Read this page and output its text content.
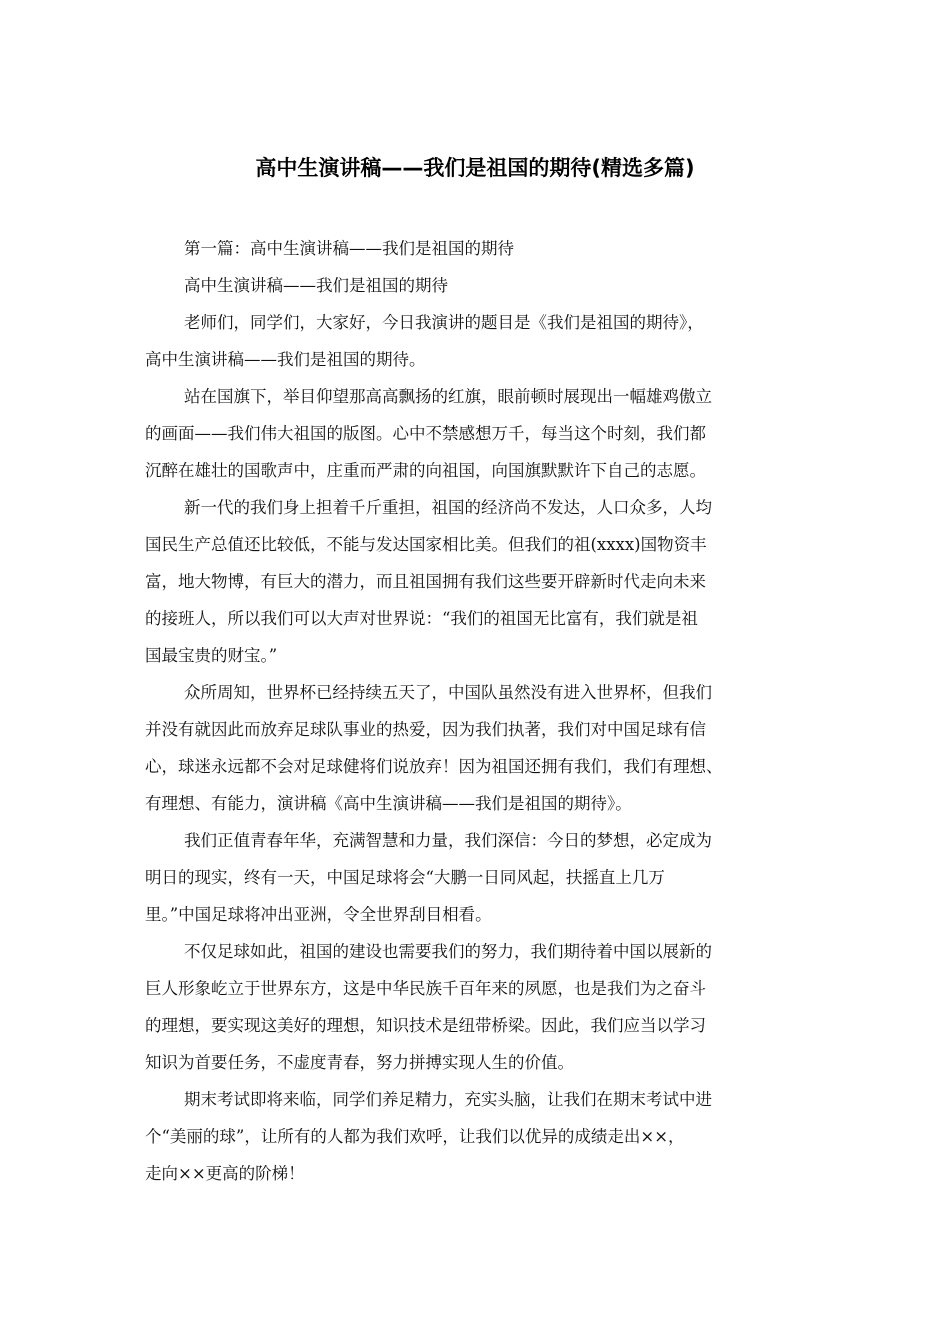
高中生演讲稿——我们是祖国的期待(精选多篇)

第一篇：高中生演讲稿——我们是祖国的期待

高中生演讲稿——我们是祖国的期待

老师们，同学们，大家好，今日我演讲的题目是《我们是祖国的期待》，

高中生演讲稿——我们是祖国的期待。

站在国旗下，举目仰望那高高飘扬的红旗，眼前顿时展现出一幅雄鸡傲立

的画面——我们伟大祖国的版图。心中不禁感想万千，每当这个时刻，我们都

沉醉在雄壮的国歌声中，庄重而严肃的向祖国，向国旗默默许下自己的志愿。

新一代的我们身上担着千斤重担，祖国的经济尚不发达，人口众多，人均

国民生产总值还比较低，不能与发达国家相比美。但我们的祖(xxxx)国物资丰

富，地大物博，有巨大的潜力，而且祖国拥有我们这些要开辟新时代走向未来

的接班人，所以我们可以大声对世界说：“我们的祖国无比富有，我们就是祖

国最宝贵的财宝。”

众所周知，世界杯已经持续五天了，中国队虽然没有进入世界杯，但我们

并没有就因此而放弃足球队事业的热爱，因为我们执著，我们对中国足球有信

心，球迷永远都不会对足球健将们说放弃！因为祖国还拥有我们，我们有理想、

有理想、有能力，演讲稿《高中生演讲稿——我们是祖国的期待》。

我们正值青春年华，充满智慧和力量，我们深信：今日的梦想，必定成为

明日的现实，终有一天，中国足球将会“大鹏一日同风起，扶摇直上几万

里。”中国足球将冲出亚洲，令全世界刮目相看。

不仅足球如此，祖国的建设也需要我们的努力，我们期待着中国以展新的

巨人形象屹立于世界东方，这是中华民族千百年来的夙愿，也是我们为之奋斗

的理想，要实现这美好的理想，知识技术是纽带桥梁。因此，我们应当以学习

知识为首要任务，不虚度青春，努力拼搏实现人生的价值。

期末考试即将来临，同学们养足精力，充实头脑，让我们在期末考试中进

个“美丽的球”，让所有的人都为我们欢呼，让我们以优异的成绩走出××，

走向××更高的阶梯！
